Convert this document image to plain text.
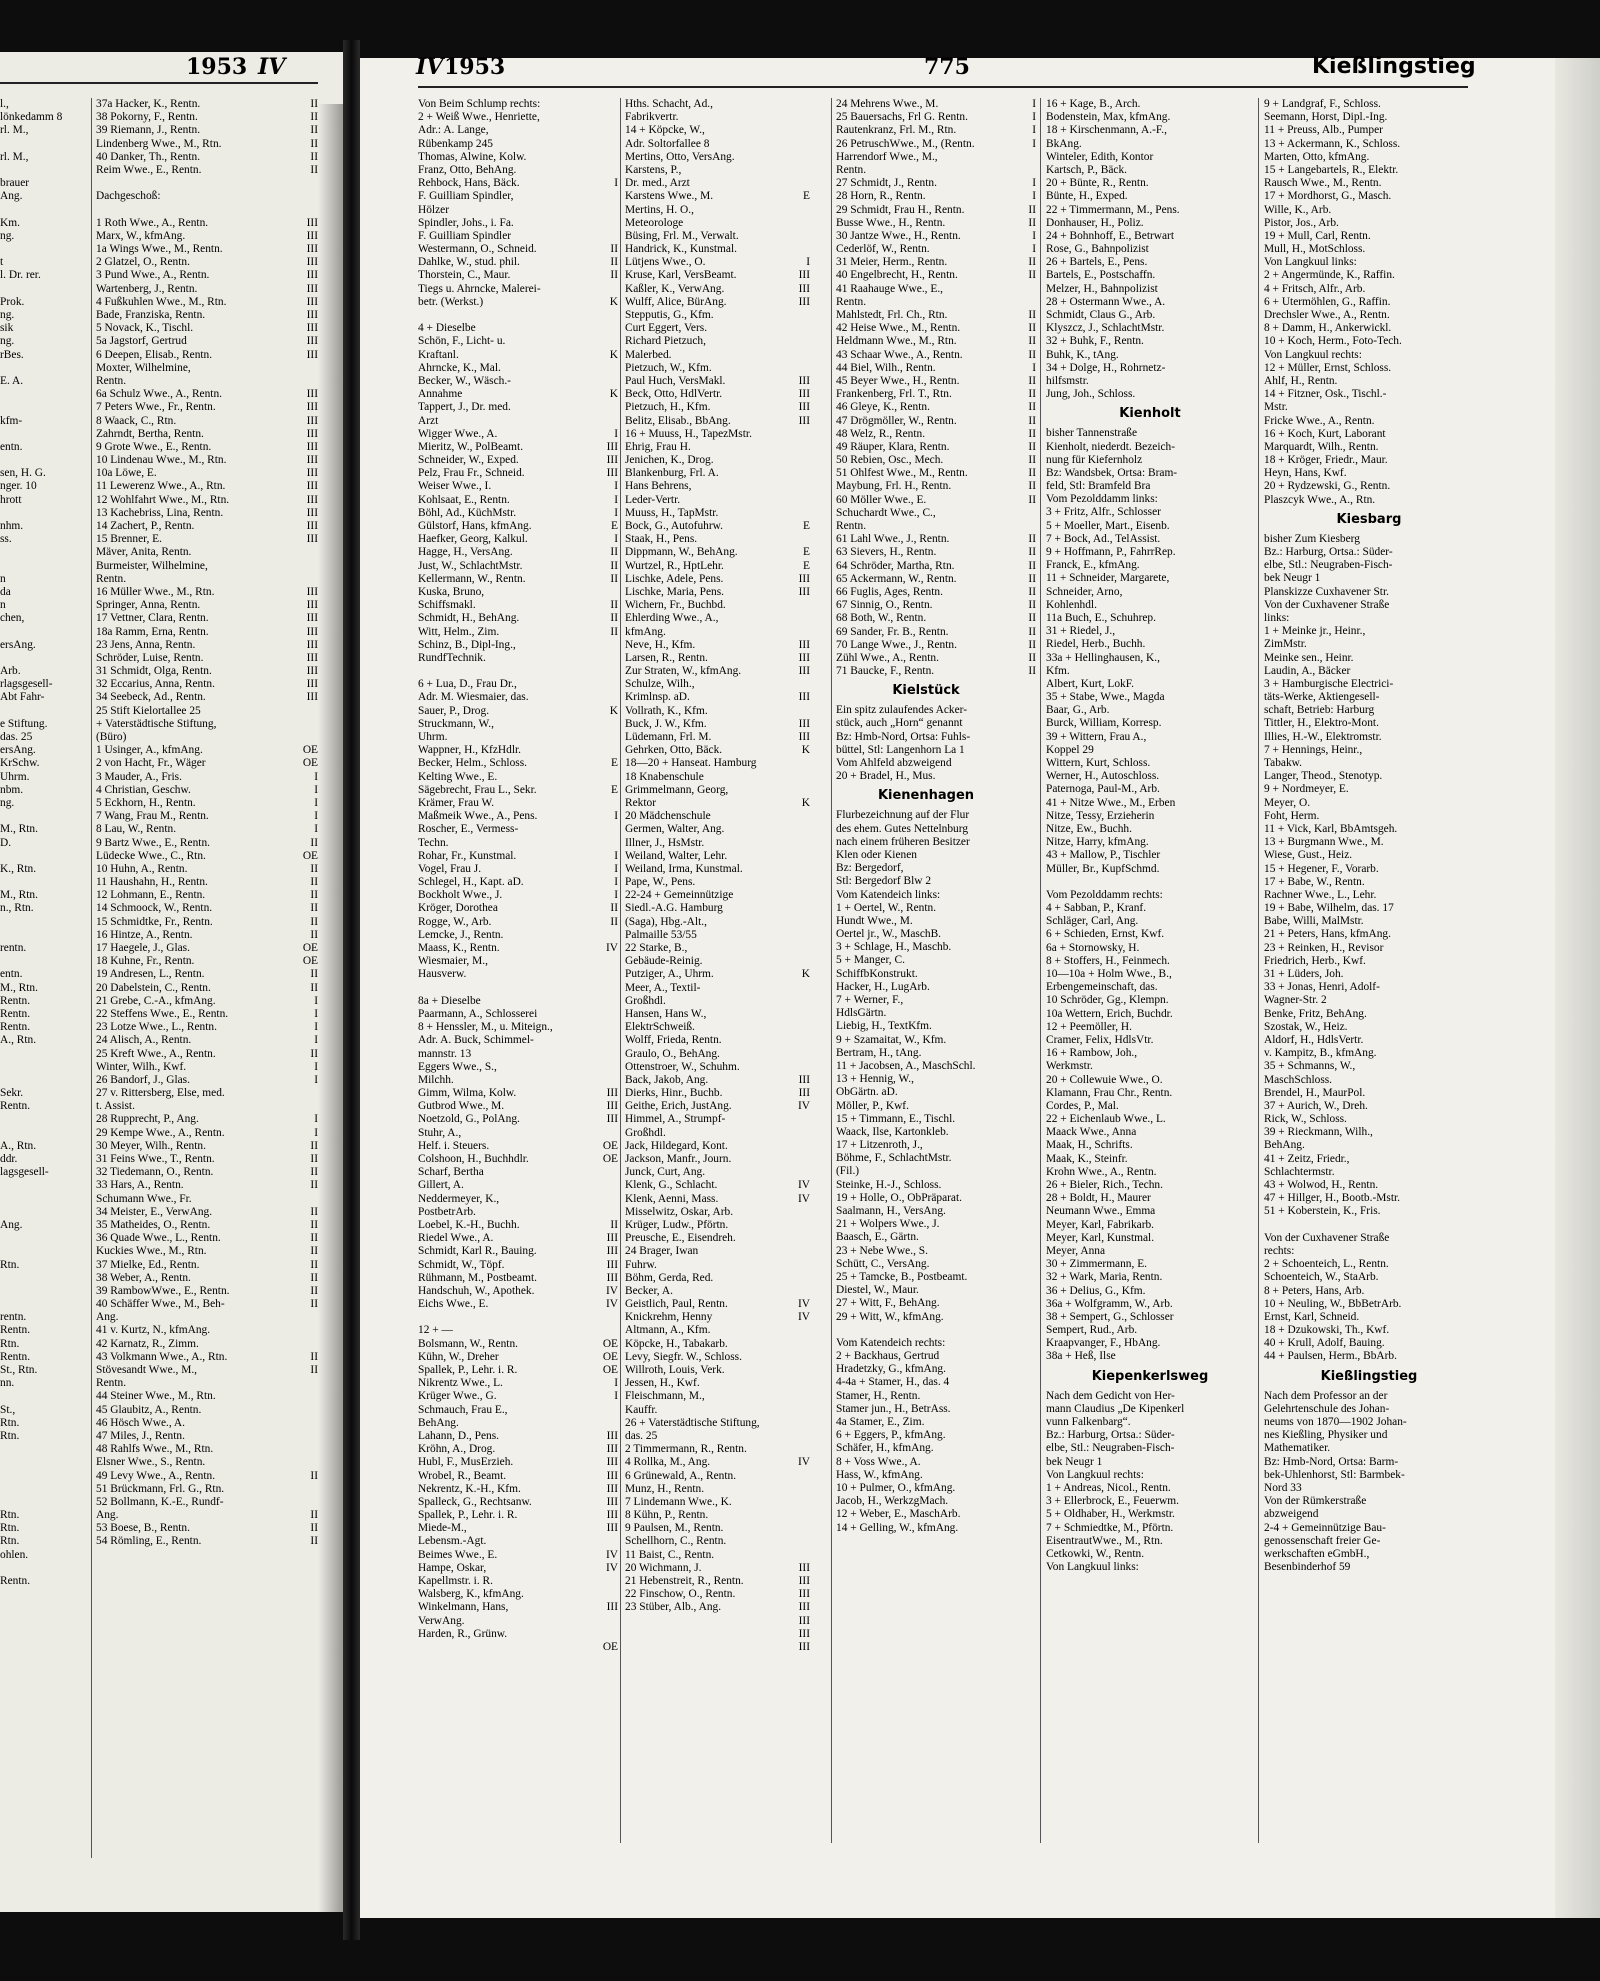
1953 IV
l.,
lönkedamm 8
rl. M.,

rl. M.,

brauer
Ang.

Km.
ng.

t
l. Dr. rer.

Prok.
ng.
sik
ng.
rBes.

E. A.

kfm-

entn.

sen, H. G.
nger. 10
hrott

nhm.
ss.

n
da
n
chen,

ersAng.

Arb.
rlagsgesell-
Abt Fahr-

e Stiftung.
das. 25
ersAng.
KrSchw.
Uhrm.
nbm.
ng.

M., Rtn.
D.

K., Rtn.

M., Rtn.
n., Rtn.

rentn.

entn.
M., Rtn.
Rentn.
Rentn.
Rentn.
A., Rtn.

Sekr.
Rentn.

A., Rtn.
ddr.
lagsgesell-

Ang.

Rtn.

rentn.
Rentn.
Rtn.
Rentn.
St., Rtn.
nn.

St.,
Rtn.
Rtn.

Rtn.
Rtn.
Rtn.
ohlen.

Rentn.
37a Hacker, K., Rentn.
38 Pokorny, F., Rentn.
39 Riemann, J., Rentn.
Lindenberg Wwe., M., Rtn.
40 Danker, Th., Rentn.
Reim Wwe., E., Rentn.

Dachgeschoß:

1 Roth Wwe., A., Rentn.
Marx, W., kfmAng.
1a Wings Wwe., M., Rentn.
2 Glatzel, O., Rentn.
3 Pund Wwe., A., Rentn.
Wartenberg, J., Rentn.
4 Fußkuhlen Wwe., M., Rtn.
Bade, Franziska, Rentn.
5 Novack, K., Tischl.
5a Jagstorf, Gertrud
6 Deepen, Elisab., Rentn.
Moxter, Wilhelmine,
Rentn.
6a Schulz Wwe., A., Rentn.
7 Peters Wwe., Fr., Rentn.
8 Waack, C., Rtn.
Zahrndt, Bertha, Rentn.
9 Grote Wwe., E., Rentn.
10 Lindenau Wwe., M., Rtn.
10a Löwe, E.
11 Lewerenz Wwe., A., Rtn.
12 Wohlfahrt Wwe., M., Rtn.
13 Kachebriss, Lina, Rentn.
14 Zachert, P., Rentn.
15 Brenner, E.
Mäver, Anita, Rentn.
Burmeister, Wilhelmine,
Rentn.
16 Müller Wwe., M., Rtn.
Springer, Anna, Rentn.
17 Vettner, Clara, Rentn.
18a Ramm, Erna, Rentn.
23 Jens, Anna, Rentn.
Schröder, Luise, Rentn.
31 Schmidt, Olga, Rentn.
32 Eccarius, Anna, Rentn.
34 Seebeck, Ad., Rentn.
25 Stift Kielortallee 25
+ Vaterstädtische Stiftung,
(Büro)
1 Usinger, A., kfmAng.
2 von Hacht, Fr., Wäger
3 Mauder, A., Fris.
4 Christian, Geschw.
5 Eckhorn, H., Rentn.
7 Wang, Frau M., Rentn.
8 Lau, W., Rentn.
9 Bartz Wwe., E., Rentn.
Lüdecke Wwe., C., Rtn.
10 Huhn, A., Rentn.
11 Haushahn, H., Rentn.
12 Lohmann, E., Rentn.
14 Schmoock, W., Rentn.
15 Schmidtke, Fr., Rentn.
16 Hintze, A., Rentn.
17 Haegele, J., Glas.
18 Kuhne, Fr., Rentn.
19 Andresen, L., Rentn.
20 Dabelstein, C., Rentn.
21 Grebe, C.-A., kfmAng.
22 Steffens Wwe., E., Rentn.
23 Lotze Wwe., L., Rentn.
24 Alisch, A., Rentn.
25 Kreft Wwe., A., Rentn.
Winter, Wilh., Kwf.
26 Bandorf, J., Glas.
27 v. Rittersberg, Else, med.
t. Assist.
28 Rupprecht, P., Ang.
29 Kempe Wwe., A., Rentn.
30 Meyer, Wilh., Rentn.
31 Feins Wwe., T., Rentn.
32 Tiedemann, O., Rentn.
33 Hars, A., Rentn.
Schumann Wwe., Fr.
34 Meister, E., VerwAng.
35 Matheides, O., Rentn.
36 Quade Wwe., L., Rentn.
Kuckies Wwe., M., Rtn.
37 Mielke, Ed., Rentn.
38 Weber, A., Rentn.
39 RambowWwe., E., Rentn.
40 Schäffer Wwe., M., Beh-
Ang.
41 v. Kurtz, N., kfmAng.
42 Karnatz, R., Zimm.
43 Volkmann Wwe., A., Rtn.
Stövesandt Wwe., M.,
Rentn.
44 Steiner Wwe., M., Rtn.
45 Glaubitz, A., Rentn.
46 Hösch Wwe., A.
47 Miles, J., Rentn.
48 Rahlfs Wwe., M., Rtn.
Elsner Wwe., S., Rentn.
49 Levy Wwe., A., Rentn.
51 Brückmann, Frl. G., Rtn.
52 Bollmann, K.-E., Rundf-
Ang.
53 Boese, B., Rentn.
54 Römling, E., Rentn.
II
II
II
II
II
II

III
III
III
III
III
III
III
III
III
III
III

III
III
III
III
III
III
III
III
III
III
III
III

III
III
III
III
III
III
III
III
III

OE
OE
I
I
I
I
I
II
OE
II
II
II
II
II
II
OE
OE
II
II
I
I
I
I
II
I
I

I
I
II
II
II
II

II
II
II
II
II
II
II
II

II
II

II

II
II
II
IV 1953	775	Kießlingstieg
Von Beim Schlump rechts:
2 + Weiß Wwe., Henriette,
Adr.: A. Lange,
Rübenkamp 245
Thomas, Alwine, Kolw.
Franz, Otto, BehAng.
Rehbock, Hans, Bäck.
F. Guilliam Spindler,
Hölzer
Spindler, Johs., i. Fa.
F. Guilliam Spindler
Westermann, O., Schneid.
Dahlke, W., stud. phil.
Thorstein, C., Maur.
Tiegs u. Ahrncke, Malerei-
betr. (Werkst.)

4 + Dieselbe
Schön, F., Licht- u.
Kraftanl.
Ahrncke, K., Mal.
Becker, W., Wäsch.-
Annahme
Tappert, J., Dr. med.
Arzt
Wigger Wwe., A.
Mieritz, W., PolBeamt.
Schneider, W., Exped.
Pelz, Frau Fr., Schneid.
Weiser Wwe., I.
Kohlsaat, E., Rentn.
Böhl, Ad., KüchMstr.
Gülstorf, Hans, kfmAng.
Haefker, Georg, Kalkul.
Hagge, H., VersAng.
Just, W., SchlachtMstr.
Kellermann, W., Rentn.
Kuska, Bruno,
Schiffsmakl.
Schmidt, H., BehAng.
Witt, Helm., Zim.
Schinz, B., Dipl-Ing.,
RundfTechnik.

6 + Lua, D., Frau Dr.,
Adr. M. Wiesmaier, das.
Sauer, P., Drog.
Struckmann, W.,
Uhrm.
Wappner, H., KfzHdlr.
Becker, Helm., Schloss.
Kelting Wwe., E.
Sägebrecht, Frau L., Sekr.
Krämer, Frau W.
Maßmeik Wwe., A., Pens.
Roscher, E., Vermess-
Techn.
Rohar, Fr., Kunstmal.
Vogel, Frau J.
Schlegel, H., Kapt. aD.
Bockholt Wwe., J.
Kröger, Dorothea
Rogge, W., Arb.
Lemcke, J., Rentn.
Maass, K., Rentn.
Wiesmaier, M.,
Hausverw.

8a + Dieselbe
Paarmann, A., Schlosserei
8 + Henssler, M., u. Miteign.,
Adr. A. Buck, Schimmel-
mannstr. 13
Eggers Wwe., S.,
Milchh.
Gimm, Wilma, Kolw.
Gutbrod Wwe., M.
Noetzold, G., PolAng.
Stuhr, A.,
Helf. i. Steuers.
Colshoon, H., Buchhdlr.
Scharf, Bertha
Gillert, A.
Neddermeyer, K.,
PostbetrArb.
Loebel, K.-H., Buchh.
Riedel Wwe., A.
Schmidt, Karl R., Bauing.
Schmidt, W., Töpf.
Rühmann, M., Postbeamt.
Handschuh, W., Apothek.
Eichs Wwe., E.

12 + —
Bolsmann, W., Rentn.
Kühn, W., Dreher
Spallek, P., Lehr. i. R.
Nikrentz Wwe., L.
Krüger Wwe., G.
Schmauch, Frau E.,
BehAng.
Lahann, D., Pens.
Kröhn, A., Drog.
Hubl, F., MusErzieh.
Wrobel, R., Beamt.
Nekrentz, K.-H., Kfm.
Spalleck, G., Rechtsanw.
Spallek, P., Lehr. i. R.
Miede-M.,
Lebensm.-Agt.
Beimes Wwe., E.
Hampe, Oskar,
Kapellmstr. i. R.
Walsberg, K., kfmAng.
Winkelmann, Hans,
VerwAng.
Harden, R., Grünw.

I

II
II
II

K

K

K

I
III
III
III
I
I
I
E
I
II
II
II

II
II
II

K

E

E

I

I
I
I
I
II
II

IV

III
III
III

OE
OE

II
III
III
III
III
IV
IV

OE
OE
OE
I
I

III
III
III
III
III
III
III
III

IV
IV

III

OE
Hths. Schacht, Ad.,
Fabrikvertr.
14 + Köpcke, W.,
Adr. Soltorfallee 8
Mertins, Otto, VersAng.
Karstens, P.,
Dr. med., Arzt
Karstens Wwe., M.
Mertins, H. O.,
Meteorologe
Büsing, Frl. M., Verwalt.
Handrick, K., Kunstmal.
Lütjens Wwe., O.
Kruse, Karl, VersBeamt.
Kaßler, K., VerwAng.
Wulff, Alice, BürAng.
Stepputis, G., Kfm.
Curt Eggert, Vers.
Richard Pietzuch,
Malerbed.
Pietzuch, W., Kfm.
Paul Huch, VersMakl.
Beck, Otto, HdlVertr.
Pietzuch, H., Kfm.
Belitz, Elisab., BbAng.
16 + Muuss, H., TapezMstr.
Ehrig, Frau H.
Jenichen, K., Drog.
Blankenburg, Frl. A.
Hans Behrens,
Leder-Vertr.
Muuss, H., TapMstr.
Bock, G., Autofuhrw.
Staak, H., Pens.
Dippmann, W., BehAng.
Wurtzel, R., HptLehr.
Lischke, Adele, Pens.
Lischke, Maria, Pens.
Wichern, Fr., Buchbd.
Ehlerding Wwe., A.,
kfmAng.
Neve, H., Kfm.
Larsen, R., Rentn.
Zur Straten, W., kfmAng.
Schulze, Wilh.,
Krimlnsp. aD.
Vollrath, K., Kfm.
Buck, J. W., Kfm.
Lüdemann, Frl. M.
Gehrken, Otto, Bäck.
18—20 + Hanseat. Hamburg
18 Knabenschule
Grimmelmann, Georg,
Rektor
20 Mädchenschule
Germen, Walter, Ang.
Illner, J., HsMstr.
Weiland, Walter, Lehr.
Weiland, Irma, Kunstmal.
Pape, W., Pens.
22-24 + Gemeinnützige
Siedl.-A.G. Hamburg
(Saga), Hbg.-Alt.,
Palmaille 53/55
22 Starke, B.,
Gebäude-Reinig.
Putziger, A., Uhrm.
Meer, A., Textil-
Großhdl.
Hansen, Hans W.,
ElektrSchweiß.
Wolff, Frieda, Rentn.
Graulo, O., BehAng.
Ottenstroer, W., Schuhm.
Back, Jakob, Ang.
Dierks, Hinr., Buchb.
Geithe, Erich, JustAng.
Himmel, A., Strumpf-
Großhdl.
Jack, Hildegard, Kont.
Jackson, Manfr., Journ.
Junck, Curt, Ang.
Klenk, G., Schlacht.
Klenk, Aenni, Mass.
Misselwitz, Oskar, Arb.
Krüger, Ludw., Pförtn.
Preusche, E., Eisendreh.
24 Brager, Iwan
Fuhrw.
Böhm, Gerda, Red.
Becker, A.
Geistlich, Paul, Rentn.
Knickrehm, Henny
Altmann, A., Kfm.
Köpcke, H., Tabakarb.
Levy, Siegfr. W., Schloss.
Willroth, Louis, Verk.
Jessen, H., Kwf.
Fleischmann, M.,
Kauffr.
26 + Vaterstädtische Stiftung,
das. 25
2 Timmermann, R., Rentn.
4 Rollka, M., Ang.
6 Grünewald, A., Rentn.
Munz, H., Rentn.
7 Lindemann Wwe., K.
8 Kühn, P., Rentn.
9 Paulsen, M., Rentn.
Schellhorn, C., Rentn.
11 Baist, C., Rentn.
20 Wichmann, J.
21 Hebenstreit, R., Rentn.
22 Finschow, O., Rentn.
23 Stüber, Alb., Ang.

E

I
III
III
III

III
III
III
III

E

E
E
III
III

III
III
III

III

III
III
K

K

K

III
III
IV

IV
IV

IV
IV

IV

III
III
III
III
III
III
III
24 Mehrens Wwe., M.
25 Bauersachs, Frl G. Rentn.
Rautenkranz, Frl. M., Rtn.
26 PetruschWwe., M., (Rentn.
Harrendorf Wwe., M.,
Rentn.
27 Schmidt, J., Rentn.
28 Horn, R., Rentn.
29 Schmidt, Frau H., Rentn.
Busse Wwe., H., Rentn.
30 Jantze Wwe., H., Rentn.
Cederlöf, W., Rentn.
31 Meier, Herm., Rentn.
40 Engelbrecht, H., Rentn.
41 Raahauge Wwe., E.,
Rentn.
Mahlstedt, Frl. Ch., Rtn.
42 Heise Wwe., M., Rentn.
Heldmann Wwe., M., Rtn.
43 Schaar Wwe., A., Rentn.
44 Biel, Wilh., Rentn.
45 Beyer Wwe., H., Rentn.
Frankenberg, Frl. T., Rtn.
46 Gleye, K., Rentn.
47 Drögmöller, W., Rentn.
48 Welz, R., Rentn.
49 Räuper, Klara, Rentn.
50 Rebien, Osc., Mech.
51 Ohlfest Wwe., M., Rentn.
Maybung, Frl. H., Rentn.
60 Möller Wwe., E.
Schuchardt Wwe., C.,
Rentn.
61 Lahl Wwe., J., Rentn.
63 Sievers, H., Rentn.
64 Schröder, Martha, Rtn.
65 Ackermann, W., Rentn.
66 Fuglis, Ages, Rentn.
67 Sinnig, O., Rentn.
68 Both, W., Rentn.
69 Sander, Fr. B., Rentn.
70 Lange Wwe., J., Rentn.
Zühl Wwe., A., Rentn.
71 Baucke, F., Rentn.
Kielstück
Ein spitz zulaufendes Acker-
stück, auch „Horn“ genannt
Bz: Hmb-Nord, Ortsa: Fuhls-
büttel, Stl: Langenhorn La 1
Vom Ahlfeld abzweigend
20 + Bradel, H., Mus.
Kienenhagen
Flurbezeichnung auf der Flur
des ehem. Gutes Nettelnburg
nach einem früheren Besitzer
Klen oder Kienen
Bz: Bergedorf,
Stl: Bergedorf Blw 2
Vom Katendeich links:
1 + Oertel, W., Rentn.
Hundt Wwe., M.
Oertel jr., W., MaschB.
3 + Schlage, H., Maschb.
5 + Manger, C.
SchiffbKonstrukt.
Hacker, H., LugArb.
7 + Werner, F.,
HdlsGärtn.
Liebig, H., TextKfm.
9 + Szamaitat, W., Kfm.
Bertram, H., tAng.
11 + Jacobsen, A., MaschSchl.
13 + Hennig, W.,
ObGärtn. aD.
Möller, P., Kwf.
15 + Timmann, E., Tischl.
Waack, Ilse, Kartonkleb.
17 + Litzenroth, J.,
Böhme, F., SchlachtMstr.
(Fil.)
Steinke, H.-J., Schloss.
19 + Holle, O., ObPräparat.
Saalmann, H., VersAng.
21 + Wolpers Wwe., J.
Baasch, E., Gärtn.
23 + Nebe Wwe., S.
Schütt, C., VersAng.
25 + Tamcke, B., Postbeamt.
Diestel, W., Maur.
27 + Witt, F., BehAng.
29 + Witt, W., kfmAng.

Vom Katendeich rechts:
2 + Backhaus, Gertrud
Hradetzky, G., kfmAng.
4-4a + Stamer, H., das. 4
Stamer, H., Rentn.
Stamer jun., H., BetrAss.
4a Stamer, E., Zim.
6 + Eggers, P., kfmAng.
Schäfer, H., kfmAng.
8 + Voss Wwe., A.
Hass, W., kfmAng.
10 + Pulmer, O., kfmAng.
Jacob, H., WerkzgMach.
12 + Weber, E., MaschArb.
14 + Gelling, W., kfmAng.
I
I
I
I

I
I
II
II
I
I
II
II

II
II
II
II
I
II
II
II
II
II
II
II
II
II
II

II
II
II
II
II
II
II
II
II
II
II
16 + Kage, B., Arch.
Bodenstein, Max, kfmAng.
18 + Kirschenmann, A.-F.,
BkAng.
Winteler, Edith, Kontor
Kartsch, P., Bäck.
20 + Bünte, R., Rentn.
Bünte, H., Exped.
22 + Timmermann, M., Pens.
Donhauser, H., Poliz.
24 + Bohnhoff, E., Betrwart
Rose, G., Bahnpolizist
26 + Bartels, E., Pens.
Bartels, E., Postschaffn.
Melzer, H., Bahnpolizist
28 + Ostermann Wwe., A.
Schmidt, Claus G., Arb.
Klyszcz, J., SchlachtMstr.
32 + Buhk, F., Rentn.
Buhk, K., tAng.
34 + Dolge, H., Rohrnetz-
hilfsmstr.
Jung, Joh., Schloss.
Kienholt
bisher Tannenstraße
Kienholt, niederdt. Bezeich-
nung für Kiefernholz
Bz: Wandsbek, Ortsa: Bram-
feld, Stl: Bramfeld Bra
Vom Pezolddamm links:
3 + Fritz, Alfr., Schlosser
5 + Moeller, Mart., Eisenb.
7 + Bock, Ad., TelAssist.
9 + Hoffmann, P., FahrrRep.
Franck, E., kfmAng.
11 + Schneider, Margarete,
Schneider, Arno,
Kohlenhdl.
11a Buch, E., Schuhrep.
31 + Riedel, J.,
Riedel, Herb., Buchh.
33a + Hellinghausen, K.,
Kfm.
Albert, Kurt, LokF.
35 + Stabe, Wwe., Magda
Baar, G., Arb.
Burck, William, Korresp.
39 + Wittern, Frau A.,
Koppel 29
Wittern, Kurt, Schloss.
Werner, H., Autoschloss.
Paternoga, Paul-M., Arb.
41 + Nitze Wwe., M., Erben
Nitze, Tessy, Erzieherin
Nitze, Ew., Buchh.
Nitze, Harry, kfmAng.
43 + Mallow, P., Tischler
Müller, Br., KupfSchmd.

Vom Pezolddamm rechts:
4 + Sabban, P., Kranf.
Schläger, Carl, Ang.
6 + Schieden, Ernst, Kwf.
6a + Stornowsky, H.
8 + Stoffers, H., Feinmech.
10—10a + Holm Wwe., B.,
Erbengemeinschaft, das.
10 Schröder, Gg., Klempn.
10a Wettern, Erich, Buchdr.
12 + Peemöller, H.
Cramer, Felix, HdlsVtr.
16 + Rambow, Joh.,
Werkmstr.
20 + Collewuie Wwe., O.
Klamann, Frau Chr., Rentn.
Cordes, P., Mal.
22 + Eichenlaub Wwe., L.
Maack Wwe., Anna
Maak, H., Schrifts.
Maak, K., Steinfr.
Krohn Wwe., A., Rentn.
26 + Bieler, Rich., Techn.
28 + Boldt, H., Maurer
Neumann Wwe., Emma
Meyer, Karl, Fabrikarb.
Meyer, Karl, Kunstmal.
Meyer, Anna
30 + Zimmermann, E.
32 + Wark, Maria, Rentn.
36 + Delius, G., Kfm.
36a + Wolfgramm, W., Arb.
38 + Sempert, G., Schlosser
Sempert, Rud., Arb.
Kraapvanger, F., HbAng.
38a + Heß, Ilse
Kiepenkerlsweg
Nach dem Gedicht von Her-
mann Claudius „De Kipenkerl
vunn Falkenbarg“.
Bz.: Harburg, Ortsa.: Süder-
elbe, Stl.: Neugraben-Fisch-
bek Neugr 1
Von Langkuul rechts:
1 + Andreas, Nicol., Rentn.
3 + Ellerbrock, E., Feuerwm.
5 + Oldhaber, H., Werkmstr.
7 + Schmiedtke, M., Pförtn.
EisentrautWwe., M., Rtn.
Cetkowki, W., Rentn.
Von Langkuul links:
9 + Landgraf, F., Schloss.
Seemann, Horst, Dipl.-Ing.
11 + Preuss, Alb., Pumper
13 + Ackermann, K., Schloss.
Marten, Otto, kfmAng.
15 + Langebartels, R., Elektr.
Rausch Wwe., M., Rentn.
17 + Mordhorst, G., Masch.
Wille, K., Arb.
Pistor, Jos., Arb.
19 + Mull, Carl, Rentn.
Mull, H., MotSchloss.
Von Langkuul links:
2 + Angermünde, K., Raffin.
4 + Fritsch, Alfr., Arb.
6 + Utermöhlen, G., Raffin.
Drechsler Wwe., A., Rentn.
8 + Damm, H., Ankerwickl.
10 + Koch, Herm., Foto-Tech.
Von Langkuul rechts:
12 + Müller, Ernst, Schloss.
Ahlf, H., Rentn.
14 + Fitzner, Osk., Tischl.-
Mstr.
Fricke Wwe., A., Rentn.
16 + Koch, Kurt, Laborant
Marquardt, Wilh., Rentn.
18 + Kröger, Friedr., Maur.
Heyn, Hans, Kwf.
20 + Rydzewski, G., Rentn.
Plaszcyk Wwe., A., Rtn.
Kiesbarg
bisher Zum Kiesberg
Bz.: Harburg, Ortsa.: Süder-
elbe, Stl.: Neugraben-Fisch-
bek Neugr 1
Planskizze Cuxhavener Str.
Von der Cuxhavener Straße
links:
1 + Meinke jr., Heinr.,
ZimMstr.
Meinke sen., Heinr.
Laudin, A., Bäcker
3 + Hamburgische Electrici-
täts-Werke, Aktiengesell-
schaft, Betrieb: Harburg
Tittler, H., Elektro-Mont.
Illies, H.-W., Elektromstr.
7 + Hennings, Heinr.,
Tabakw.
Langer, Theod., Stenotyp.
9 + Nordmeyer, E.
Meyer, O.
Foht, Herm.
11 + Vick, Karl, BbAmtsgeh.
13 + Burgmann Wwe., M.
Wiese, Gust., Heiz.
15 + Hegener, F., Vorarb.
17 + Babe, W., Rentn.
Rachner Wwe., L., Lehr.
19 + Babe, Wilhelm, das. 17
Babe, Willi, MalMstr.
21 + Peters, Hans, kfmAng.
23 + Reinken, H., Revisor
Friedrich, Herb., Kwf.
31 + Lüders, Joh.
33 + Jonas, Henri, Adolf-
Wagner-Str. 2
Benke, Fritz, BehAng.
Szostak, W., Heiz.
Aldorf, H., HdlsVertr.
v. Kampitz, B., kfmAng.
35 + Schmanns, W.,
MaschSchloss.
Brendel, H., MaurPol.
37 + Aurich, W., Dreh.
Rick, W., Schloss.
39 + Rieckmann, Wilh.,
BehAng.
41 + Zeitz, Friedr.,
Schlachtermstr.
43 + Wolwod, H., Rentn.
47 + Hillger, H., Bootb.-Mstr.
51 + Koberstein, K., Fris.

Von der Cuxhavener Straße
rechts:
2 + Schoenteich, L., Rentn.
Schoenteich, W., StaArb.
8 + Peters, Hans, Arb.
10 + Neuling, W., BbBetrArb.
Ernst, Karl, Schneid.
18 + Dzukowski, Th., Kwf.
40 + Krull, Adolf, Bauing.
44 + Paulsen, Herm., BbArb.
Kießlingstieg
Nach dem Professor an der
Gelehrtenschule des Johan-
neums von 1870—1902 Johan-
nes Kießling, Physiker und
Mathematiker.
Bz: Hmb-Nord, Ortsa: Barm-
bek-Uhlenhorst, Stl: Barmbek-
Nord 33
Von der Rümkerstraße
abzweigend
2-4 + Gemeinnützige Bau-
genossenschaft freier Ge-
werkschaften eGmbH.,
Besenbinderhof 59
